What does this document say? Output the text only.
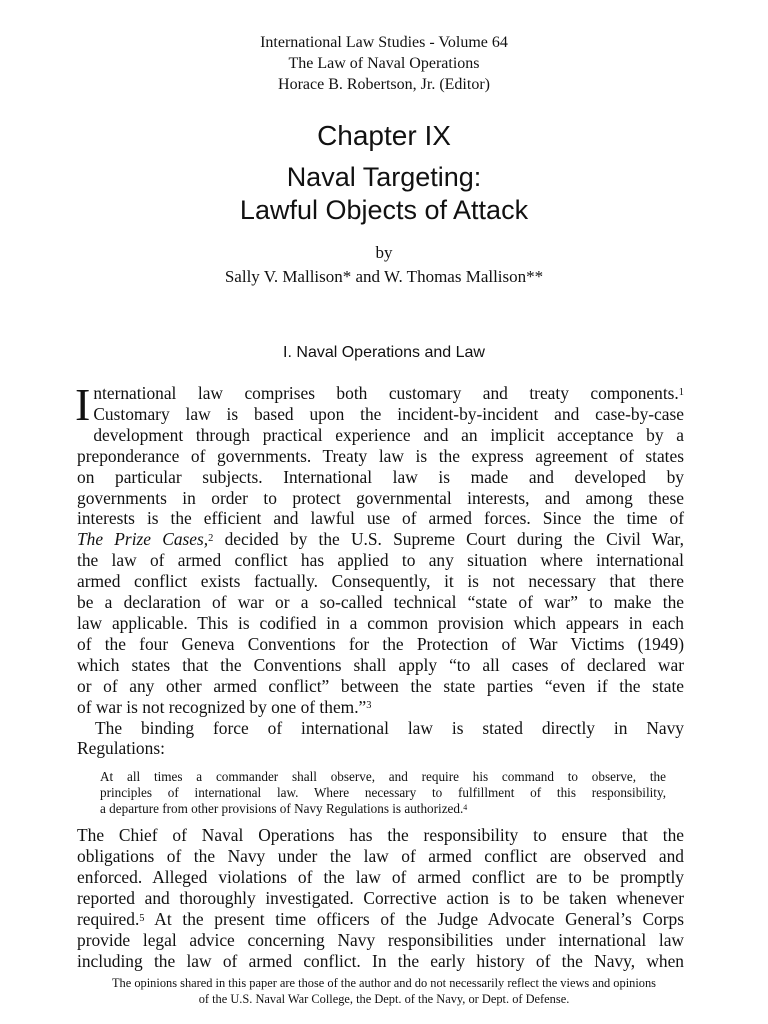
International Law Studies - Volume 64
The Law of Naval Operations
Horace B. Robertson, Jr. (Editor)
Chapter IX
Naval Targeting:
Lawful Objects of Attack
by
Sally V. Mallison* and W. Thomas Mallison**
I. Naval Operations and Law
I nternational law comprises both customary and treaty components.$^1$
Customary law is based upon the incident-by-incident and case-by-case
development through practical experience and an implicit acceptance by a
preponderance of governments. Treaty law is the express agreement of states
on particular subjects. International law is made and developed by
governments in order to protect governmental interests, and among these
interests is the efficient and lawful use of armed forces. Since the time of
The Prize Cases,$^2$ decided by the U.S. Supreme Court during the Civil War,
the law of armed conflict has applied to any situation where international
armed conflict exists factually. Consequently, it is not necessary that there
be a declaration of war or a so-called technical “state of war” to make the
law applicable. This is codified in a common provision which appears in each
of the four Geneva Conventions for the Protection of War Victims (1949)
which states that the Conventions shall apply “to all cases of declared war
or of any other armed conflict” between the state parties “even if the state
of war is not recognized by one of them.”$^3$
The binding force of international law is stated directly in Navy
Regulations:
At all times a commander shall observe, and require his command to observe, the
principles of international law. Where necessary to fulfillment of this responsibility,
a departure from other provisions of Navy Regulations is authorized.$^4$
The Chief of Naval Operations has the responsibility to ensure that the
obligations of the Navy under the law of armed conflict are observed and
enforced. Alleged violations of the law of armed conflict are to be promptly
reported and thoroughly investigated. Corrective action is to be taken whenever
required.$^5$ At the present time officers of the Judge Advocate General’s Corps
provide legal advice concerning Navy responsibilities under international law
including the law of armed conflict. In the early history of the Navy, when
The opinions shared in this paper are those of the author and do not necessarily reflect the views and opinions
of the U.S. Naval War College, the Dept. of the Navy, or Dept. of Defense.
